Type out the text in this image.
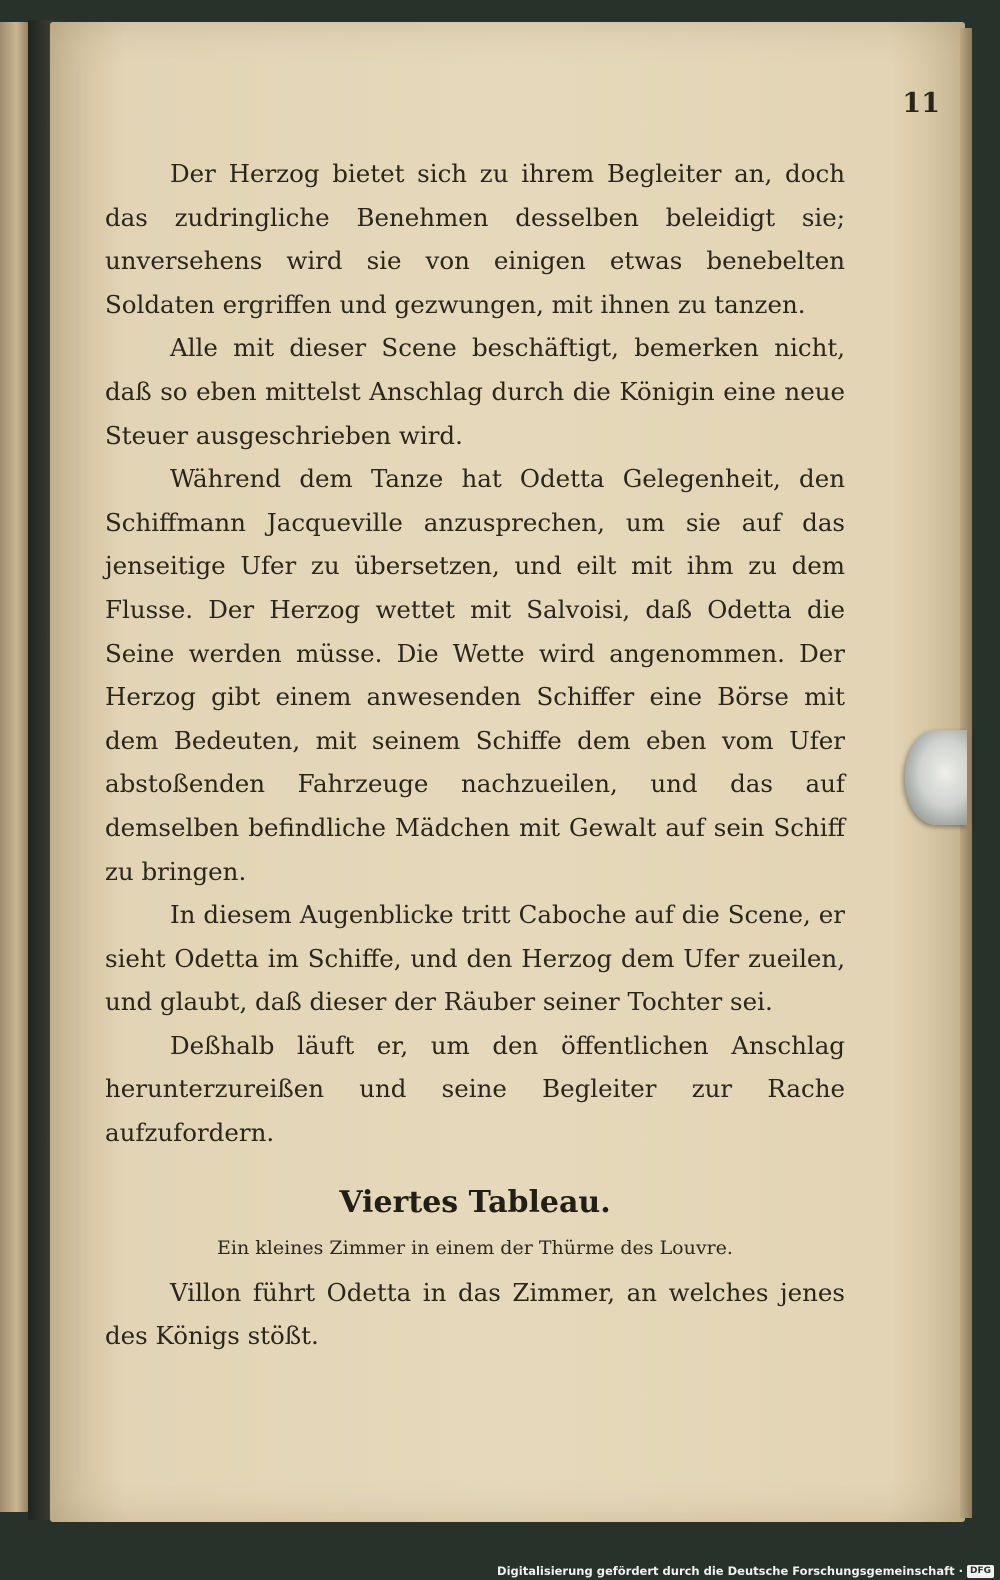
11

Der Herzog bietet sich zu ihrem Begleiter an, doch das zudringliche Benehmen desselben beleidigt sie; unversehens wird sie von einigen etwas benebelten Soldaten ergriffen und gezwungen, mit ihnen zu tanzen.

Alle mit dieser Scene beschäftigt, bemerken nicht, daß so eben mittelst Anschlag durch die Königin eine neue Steuer ausgeschrieben wird.

Während dem Tanze hat Odetta Gelegenheit, den Schiffmann Jacqueville anzusprechen, um sie auf das jenseitige Ufer zu übersetzen, und eilt mit ihm zu dem Flusse. Der Herzog wettet mit Salvoisi, daß Odetta die Seine werden müsse. Die Wette wird angenommen. Der Herzog gibt einem anwesenden Schiffer eine Börse mit dem Bedeuten, mit seinem Schiffe dem eben vom Ufer abstoßenden Fahrzeuge nachzueilen, und das auf demselben befindliche Mädchen mit Gewalt auf sein Schiff zu bringen.

In diesem Augenblicke tritt Caboche auf die Scene, er sieht Odetta im Schiffe, und den Herzog dem Ufer zueilen, und glaubt, daß dieser der Räuber seiner Tochter sei.

Deßhalb läuft er, um den öffentlichen Anschlag herunterzureißen und seine Begleiter zur Rache aufzufordern.

Viertes Tableau.
Ein kleines Zimmer in einem der Thürme des Louvre.

Villon führt Odetta in das Zimmer, an welches jenes des Königs stößt.

Digitalisierung gefördert durch die Deutsche Forschungsgemeinschaft · DFG
